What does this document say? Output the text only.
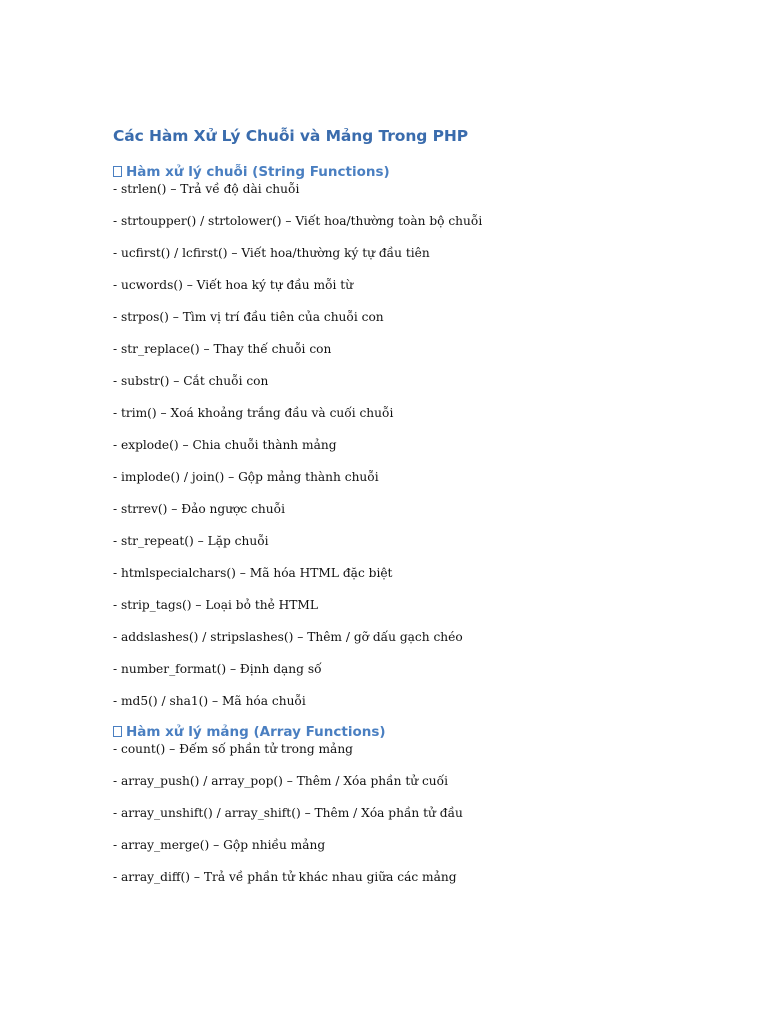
Các Hàm Xử Lý Chuỗi và Mảng Trong PHP
Hàm xử lý chuỗi (String Functions)
- strlen() – Trả về độ dài chuỗi
- strtoupper() / strtolower() – Viết hoa/thường toàn bộ chuỗi
- ucfirst() / lcfirst() – Viết hoa/thường ký tự đầu tiên
- ucwords() – Viết hoa ký tự đầu mỗi từ
- strpos() – Tìm vị trí đầu tiên của chuỗi con
- str_replace() – Thay thế chuỗi con
- substr() – Cắt chuỗi con
- trim() – Xoá khoảng trắng đầu và cuối chuỗi
- explode() – Chia chuỗi thành mảng
- implode() / join() – Gộp mảng thành chuỗi
- strrev() – Đảo ngược chuỗi
- str_repeat() – Lặp chuỗi
- htmlspecialchars() – Mã hóa HTML đặc biệt
- strip_tags() – Loại bỏ thẻ HTML
- addslashes() / stripslashes() – Thêm / gỡ dấu gạch chéo
- number_format() – Định dạng số
- md5() / sha1() – Mã hóa chuỗi
Hàm xử lý mảng (Array Functions)
- count() – Đếm số phần tử trong mảng
- array_push() / array_pop() – Thêm / Xóa phần tử cuối
- array_unshift() / array_shift() – Thêm / Xóa phần tử đầu
- array_merge() – Gộp nhiều mảng
- array_diff() – Trả về phần tử khác nhau giữa các mảng
